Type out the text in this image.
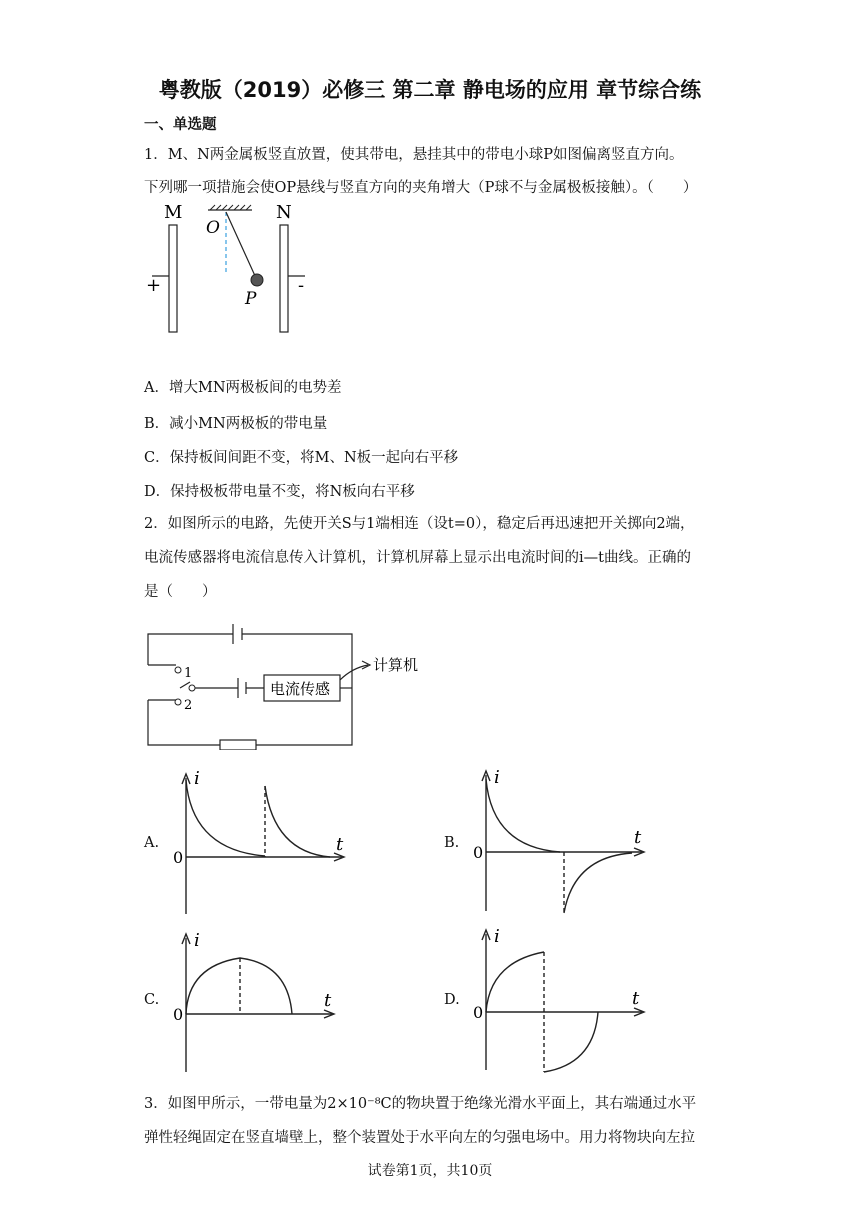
粤教版（2019）必修三 第二章 静电场的应用 章节综合练
一、单选题
1．M、N两金属板竖直放置，使其带电，悬挂其中的带电小球P如图偏离竖直方向。
下列哪一项措施会使OP悬线与竖直方向的夹角增大（P球不与金属极板接触）。（　　）
M
+
O
P
N
-
A．增大MN两极板间的电势差
B．减小MN两极板的带电量
C．保持板间间距不变，将M、N板一起向右平移
D．保持极板带电量不变，将N板向右平移
2．如图所示的电路，先使开关S与1端相连（设t=0），稳定后再迅速把开关掷向2端，
电流传感器将电流信息传入计算机，计算机屏幕上显示出电流时间的i—t曲线。正确的
是（　　）
电流传感
计算机
1
2
A.
i
t
0
B.
i
t
0
C.
i
t
0
D.
i
t
0
3．如图甲所示，一带电量为2×10⁻⁸C的物块置于绝缘光滑水平面上，其右端通过水平
弹性轻绳固定在竖直墙壁上，整个装置处于水平向左的匀强电场中。用力将物块向左拉
试卷第1页，共10页
